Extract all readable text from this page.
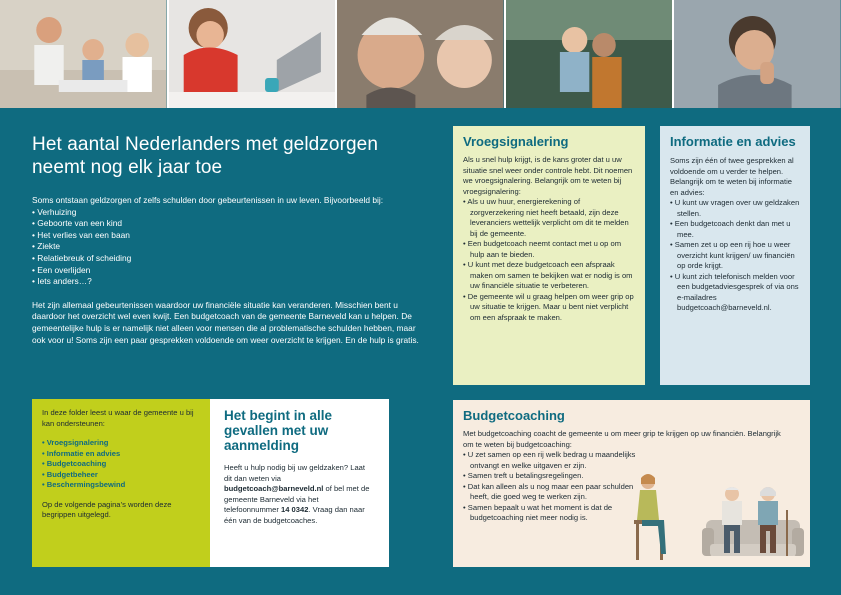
Het aantal Nederlanders met geldzorgen neemt nog elk jaar toe

Soms ontstaan geldzorgen of zelfs schulden door gebeurtenissen in uw leven. Bijvoorbeeld bij:

• Verhuizing
• Geboorte van een kind
• Het verlies van een baan
• Ziekte
• Relatiebreuk of scheiding
• Een overlijden
• Iets anders…?

Het zijn allemaal gebeurtenissen waardoor uw financiële situatie kan veranderen. Misschien bent u daardoor het overzicht wel even kwijt. Een budgetcoach van de gemeente Barneveld kan u helpen. De gemeentelijke hulp is er namelijk niet alleen voor mensen die al problematische schulden hebben, maar ook voor u! Soms zijn een paar gesprekken voldoende om weer overzicht te krijgen. En de hulp is gratis.

Vroegsignalering

Als u snel hulp krijgt, is de kans groter dat u uw situatie snel weer onder controle hebt. Dit noemen we vroegsignalering. Belangrijk om te weten bij vroegsignalering:

• Als u uw huur, energierekening of zorgverzekering niet heeft betaald, zijn deze leveranciers wettelijk verplicht om dit te melden bij de gemeente.
• Een budgetcoach neemt contact met u op om hulp aan te bieden.
• U kunt met deze budgetcoach een afspraak maken om samen te bekijken wat er nodig is om uw financiële situatie te verbeteren.
• De gemeente wil u graag helpen om weer grip op uw situatie te krijgen. Maar u bent niet verplicht om een afspraak te maken.
Informatie en advies

Soms zijn één of twee gesprekken al voldoende om u verder te helpen. Belangrijk om te weten bij informatie en advies:

• U kunt uw vragen over uw geldzaken stellen.
• Een budgetcoach denkt dan met u mee.
• Samen zet u op een rij hoe u weer overzicht kunt krijgen/ uw financiën op orde krijgt.
• U kunt zich telefonisch melden voor een budgetadviesgesprek of via ons e-mailadres budgetcoach@barneveld.nl.

In deze folder leest u waar de gemeente u bij kan ondersteunen:

• Vroegsignalering
• Informatie en advies
• Budgetcoaching
• Budgetbeheer
• Beschermingsbewind

Op de volgende pagina’s worden deze begrippen uitgelegd.

Het begint in alle gevallen met uw aanmelding

Heeft u hulp nodig bij uw geldzaken? Laat dit dan weten via budgetcoach@barneveld.nl of bel met de gemeente Barneveld via het telefoonnummer 14 0342. Vraag dan naar één van de budgetcoaches.

Budgetcoaching

Met budgetcoaching coacht de gemeente u om meer grip te krijgen op uw financiën. Belangrijk om te weten bij budgetcoaching:

• U zet samen op een rij welk bedrag u maandelijks ontvangt en welke uitgaven er zijn.
• Samen treft u betalingsregelingen.
• Dat kan alleen als u nog maar een paar schulden heeft, die goed weg te werken zijn.
• Samen bepaalt u wat het moment is dat de budgetcoaching niet meer nodig is.
